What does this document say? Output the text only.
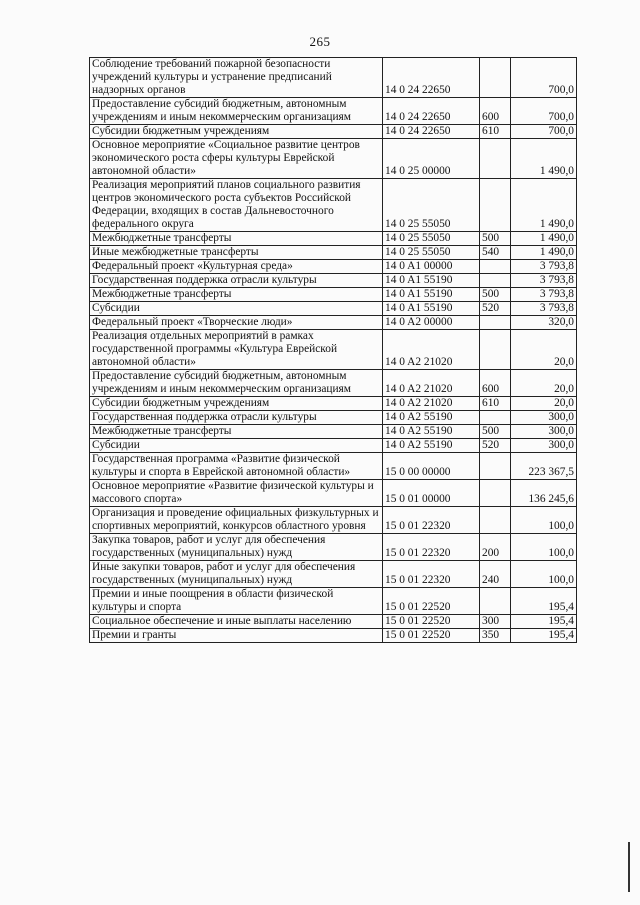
265
Соблюдение требований пожарной безопасности учреждений культуры и устранение предписаний надзорных органов	14 0 24 22650		700,0
Предоставление субсидий бюджетным, автономным учреждениям и иным некоммерческим организациям	14 0 24 22650	600	700,0
Субсидии бюджетным учреждениям	14 0 24 22650	610	700,0
Основное мероприятие «Социальное развитие центров экономического роста сферы культуры Еврейской автономной области»	14 0 25 00000		1 490,0
Реализация мероприятий планов социального развития центров экономического роста субъектов Российской Федерации, входящих в состав Дальневосточного федерального округа	14 0 25 55050		1 490,0
Межбюджетные трансферты	14 0 25 55050	500	1 490,0
Иные межбюджетные трансферты	14 0 25 55050	540	1 490,0
Федеральный проект «Культурная среда»	14 0 A1 00000		3 793,8
Государственная поддержка отрасли культуры	14 0 A1 55190		3 793,8
Межбюджетные трансферты	14 0 A1 55190	500	3 793,8
Субсидии	14 0 A1 55190	520	3 793,8
Федеральный проект «Творческие люди»	14 0 A2 00000		320,0
Реализация отдельных мероприятий в рамках государственной программы «Культура Еврейской автономной области»	14 0 A2 21020		20,0
Предоставление субсидий бюджетным, автономным учреждениям и иным некоммерческим организациям	14 0 A2 21020	600	20,0
Субсидии бюджетным учреждениям	14 0 A2 21020	610	20,0
Государственная поддержка отрасли культуры	14 0 A2 55190		300,0
Межбюджетные трансферты	14 0 A2 55190	500	300,0
Субсидии	14 0 A2 55190	520	300,0
Государственная программа «Развитие физической культуры и спорта в Еврейской автономной области»	15 0 00 00000		223 367,5
Основное мероприятие «Развитие физической культуры и массового спорта»	15 0 01 00000		136 245,6
Организация и проведение официальных физкультурных и спортивных мероприятий, конкурсов областного уровня	15 0 01 22320		100,0
Закупка товаров, работ и услуг для обеспечения государственных (муниципальных) нужд	15 0 01 22320	200	100,0
Иные закупки товаров, работ и услуг для обеспечения государственных (муниципальных) нужд	15 0 01 22320	240	100,0
Премии и иные поощрения в области физической культуры и спорта	15 0 01 22520		195,4
Социальное обеспечение и иные выплаты населению	15 0 01 22520	300	195,4
Премии и гранты	15 0 01 22520	350	195,4
